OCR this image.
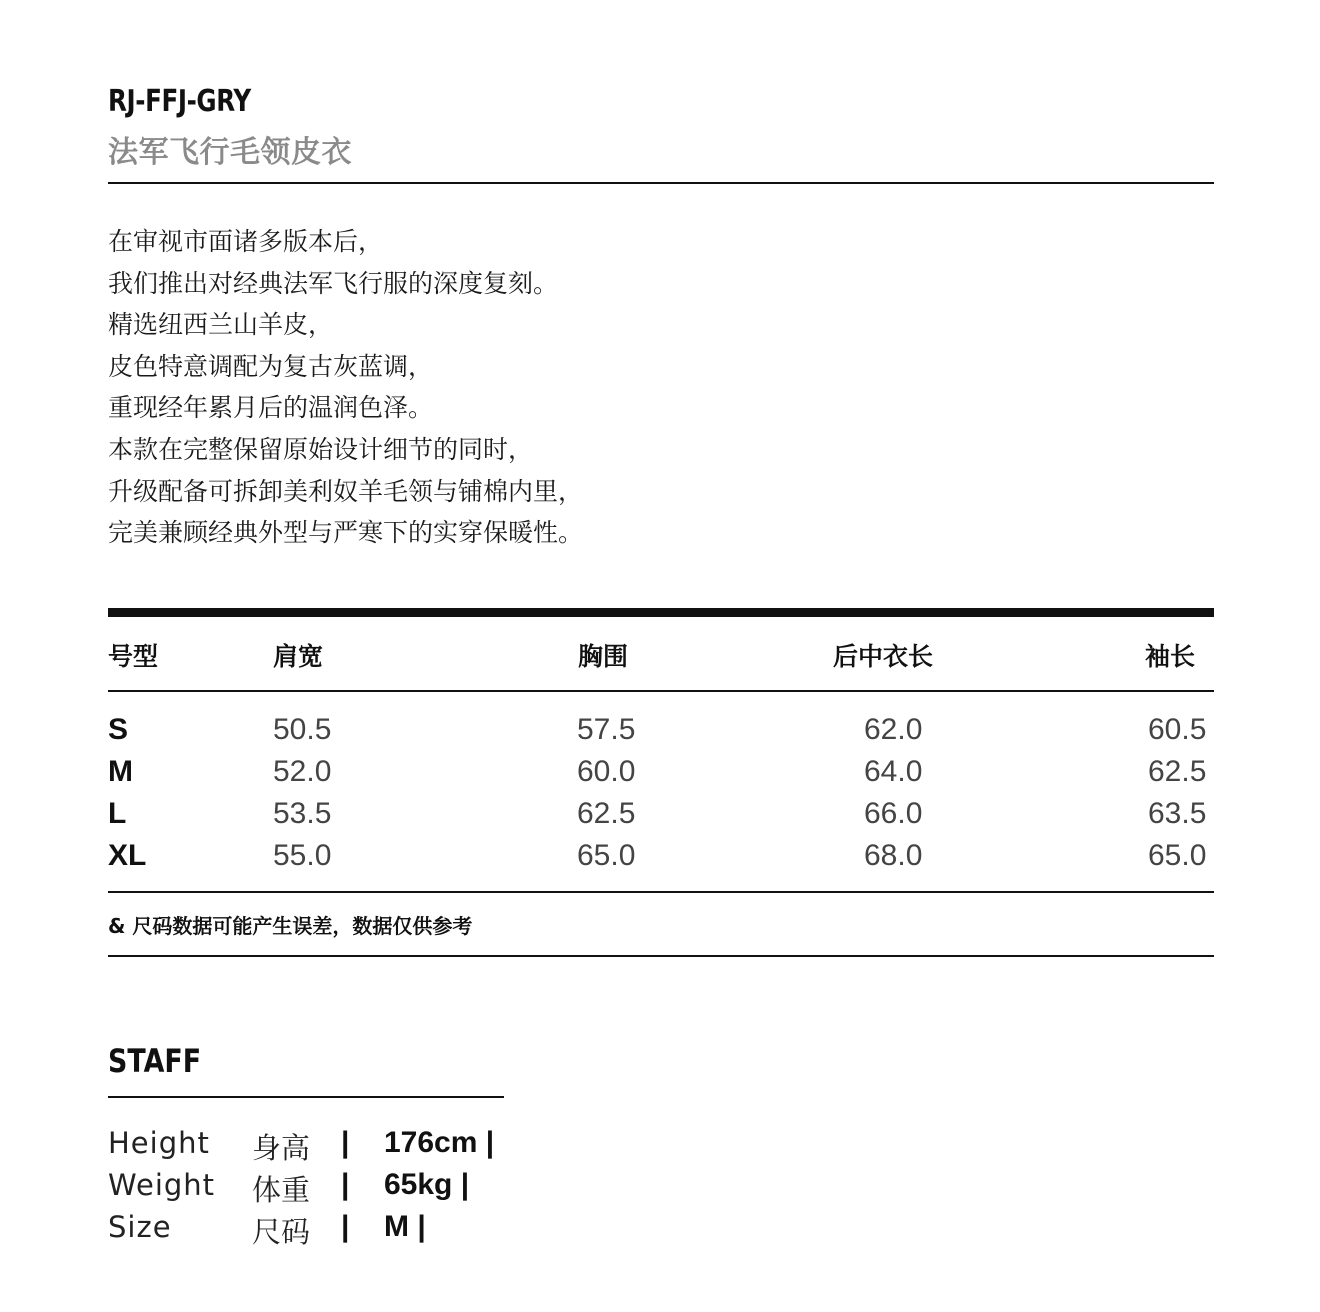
RJ-FFJ-GRY
法军飞行毛领皮衣
在审视市面诸多版本后，
我们推出对经典法军飞行服的深度复刻。
精选纽西兰山羊皮，
皮色特意调配为复古灰蓝调，
重现经年累月后的温润色泽。
本款在完整保留原始设计细节的同时，
升级配备可拆卸美利奴羊毛领与铺棉内里，
完美兼顾经典外型与严寒下的实穿保暖性。
号型	肩宽	胸围	后中衣长	袖长
S	50.5	57.5	62.0	60.5
M	52.0	60.0	64.0	62.5
L	53.5	62.5	66.0	63.5
XL	55.0	65.0	68.0	65.0
& 尺码数据可能产生误差，数据仅供参考
STAFF
Height 身高 | 176cm |
Weight 体重 | 65kg |
Size	尺码 | M |
